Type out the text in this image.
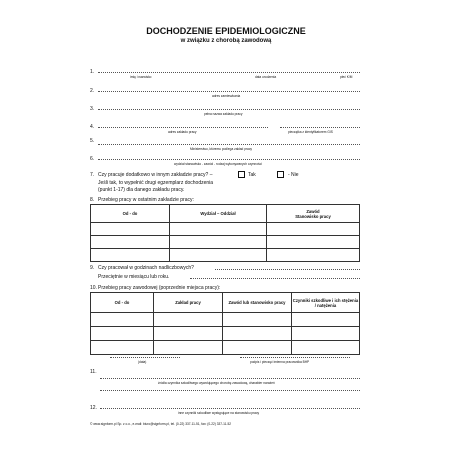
DOCHODZENIE EPIDEMIOLOGICZNE
w związku z chorobą zawodową
1.
imię i nazwisko	data urodzenia	płeć K/M
2.
adres zamieszkania
3.
pełna nazwa zakładu pracy
4.
adres zakładu pracy	pieczątka z identyfikatorem GIS
5.
Ministerstwo, któremu podlega zakład pracy
6.
wydział stanowisko - zawód - rodzaj wykonywanych czynności
7. Czy pracuje dodatkowo w innym zakładzie pracy? –	Tak	- Nie
Jeśli tak, to wypełnić drugi egzemplarz dochodzenia
(punkt 1-17) dla danego zakładu pracy.
8. Przebieg pracy w ostatnim zakładzie pracy:
Od - do	Wydział – Oddział	Zawód
Stanowisko pracy

9. Czy pracował w godzinach nadliczbowych?
Przeciętnie w miesiącu lub roku.
10. Przebieg pracy zawodowej (poprzednie miejsca pracy):
Od - do	Zakład pracy	Zawód lub stanowisko pracy	Czynniki szkodliwe i ich stężenia / natężenia

(data)	podpis i pieczęć imienna pracownika BHP
11.
źródła czynnika szkodliwego wywołującego chorobę zawodową, charakter narażeń
12.
inne czynniki szkodliwe występujące na stanowisku pracy
© www.signform.pl Sp. z o.o., e-mail: biuro@signform.pl, tel. (0-22) 337-11-51, fax: (0-22) 337-11-52
